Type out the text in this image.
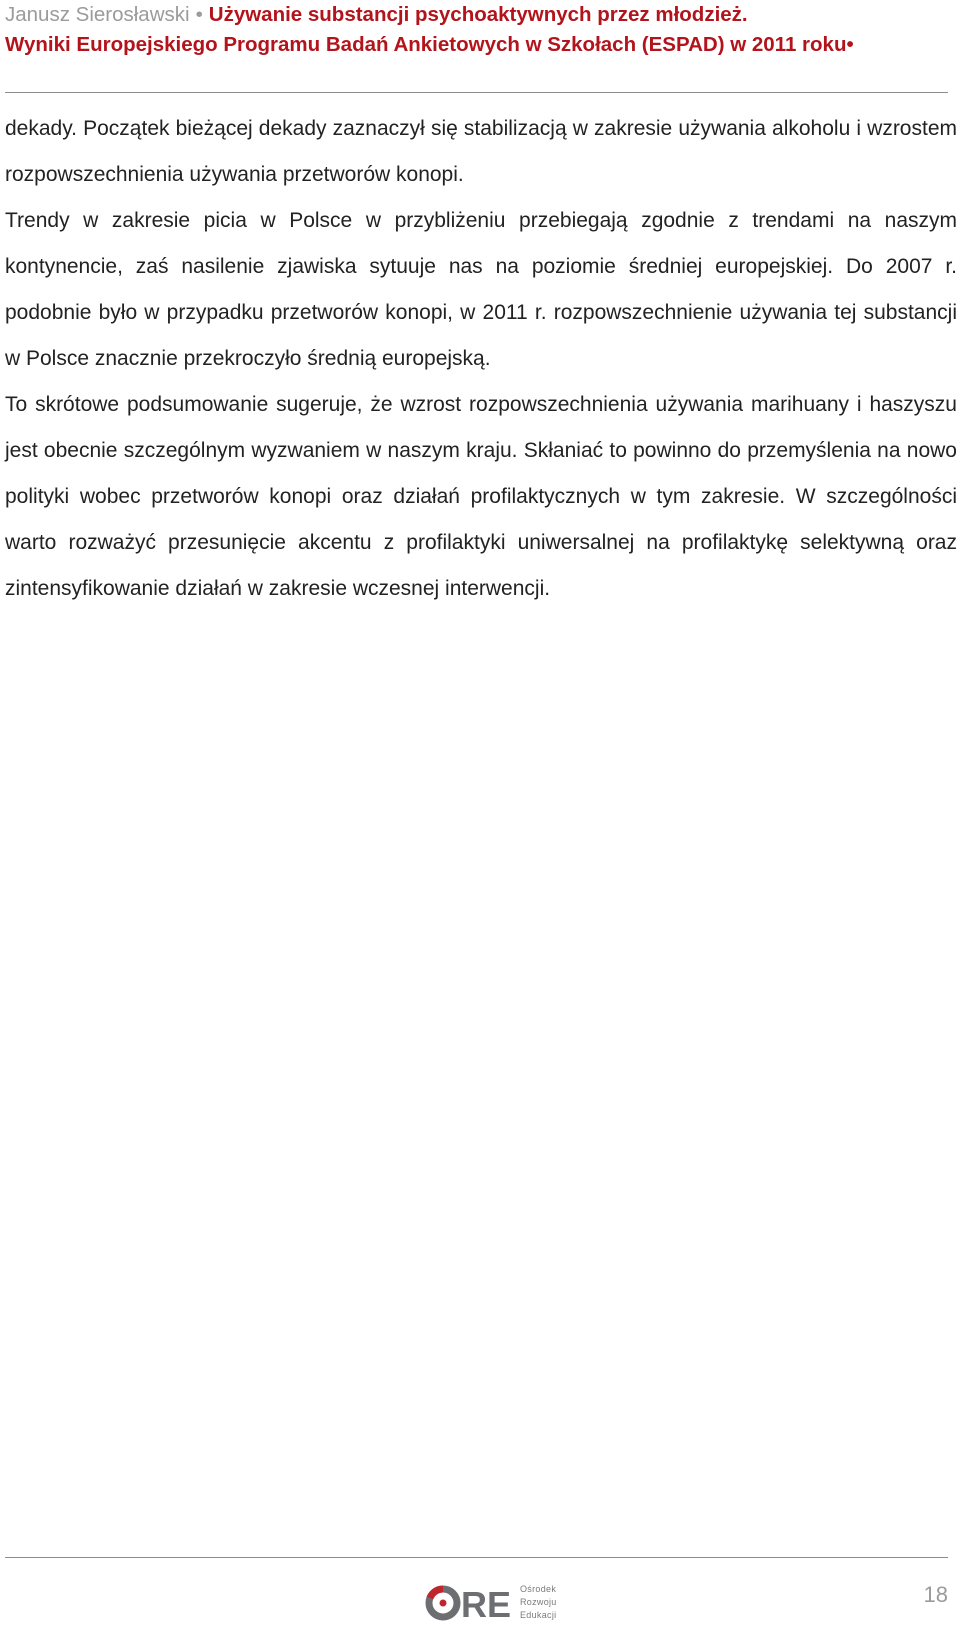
Janusz Sierosławski • Używanie substancji psychoaktywnych przez młodzież.
Wyniki Europejskiego Programu Badań Ankietowych w Szkołach (ESPAD) w 2011 roku•

dekady. Początek bieżącej dekady zaznaczył się stabilizacją w zakresie używania alkoholu i wzrostem rozpowszechnienia używania przetworów konopi.

Trendy w zakresie picia w Polsce w przybliżeniu przebiegają zgodnie z trendami na naszym kontynencie, zaś nasilenie zjawiska sytuuje nas na poziomie średniej europejskiej. Do 2007 r. podobnie było w przypadku przetworów konopi, w 2011 r. rozpowszechnienie używania tej substancji w Polsce znacznie przekroczyło średnią europejską.

To skrótowe podsumowanie sugeruje, że wzrost rozpowszechnienia używania marihuany i haszyszu jest obecnie szczególnym wyzwaniem w naszym kraju. Skłaniać to powinno do przemyślenia na nowo polityki wobec przetworów konopi oraz działań profilaktycznych w tym zakresie. W szczególności warto rozważyć przesunięcie akcentu z profilaktyki uniwersalnej na profilaktykę selektywną oraz zintensyfikowanie działań w zakresie wczesnej interwencji.

R E Ośrodek
Rozwoju
Edukacji
18
